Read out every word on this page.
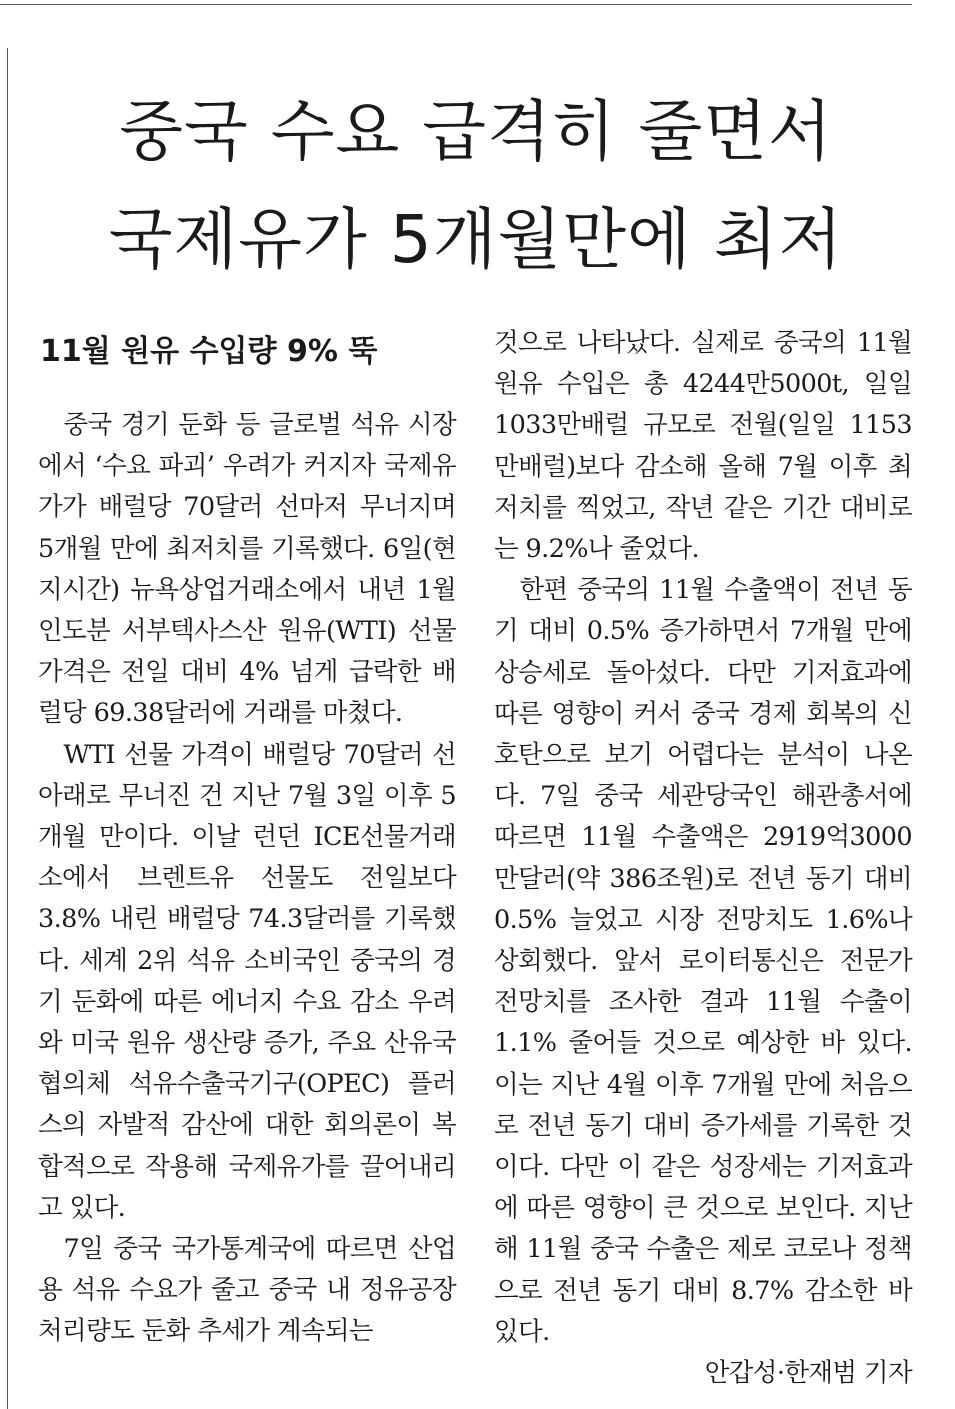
중국 수요 급격히 줄면서
국제유가 5개월만에 최저
11월 원유 수입량 9% 뚝

중국 경기 둔화 등 글로벌 석유 시장에서 ‘수요 파괴’ 우려가 커지자 국제유가가 배럴당 70달러 선마저 무너지며 5개월 만에 최저치를 기록했다. 6일(현지시간) 뉴욕상업거래소에서 내년 1월 인도분 서부텍사스산 원유(WTI) 선물 가격은 전일 대비 4% 넘게 급락한 배럴당 69.38달러에 거래를 마쳤다.

WTI 선물 가격이 배럴당 70달러 선 아래로 무너진 건 지난 7월 3일 이후 5개월 만이다. 이날 런던 ICE선물거래소에서 브렌트유 선물도 전일보다 3.8% 내린 배럴당 74.3달러를 기록했다. 세계 2위 석유 소비국인 중국의 경기 둔화에 따른 에너지 수요 감소 우려와 미국 원유 생산량 증가, 주요 산유국 협의체 석유수출국기구(OPEC) 플러스의 자발적 감산에 대한 회의론이 복합적으로 작용해 국제유가를 끌어내리고 있다.

7일 중국 국가통계국에 따르면 산업용 석유 수요가 줄고 중국 내 정유공장 처리량도 둔화 추세가 계속되는

것으로 나타났다. 실제로 중국의 11월 원유 수입은 총 4244만5000t, 일일 1033만배럴 규모로 전월(일일 1153만배럴)보다 감소해 올해 7월 이후 최저치를 찍었고, 작년 같은 기간 대비로는 9.2%나 줄었다.

한편 중국의 11월 수출액이 전년 동기 대비 0.5% 증가하면서 7개월 만에 상승세로 돌아섰다. 다만 기저효과에 따른 영향이 커서 중국 경제 회복의 신호탄으로 보기 어렵다는 분석이 나온다. 7일 중국 세관당국인 해관총서에 따르면 11월 수출액은 2919억3000만달러(약 386조원)로 전년 동기 대비 0.5% 늘었고 시장 전망치도 1.6%나 상회했다. 앞서 로이터통신은 전문가 전망치를 조사한 결과 11월 수출이 1.1% 줄어들 것으로 예상한 바 있다. 이는 지난 4월 이후 7개월 만에 처음으로 전년 동기 대비 증가세를 기록한 것이다. 다만 이 같은 성장세는 기저효과에 따른 영향이 큰 것으로 보인다. 지난해 11월 중국 수출은 제로 코로나 정책으로 전년 동기 대비 8.7% 감소한 바 있다.

안갑성·한재범 기자
